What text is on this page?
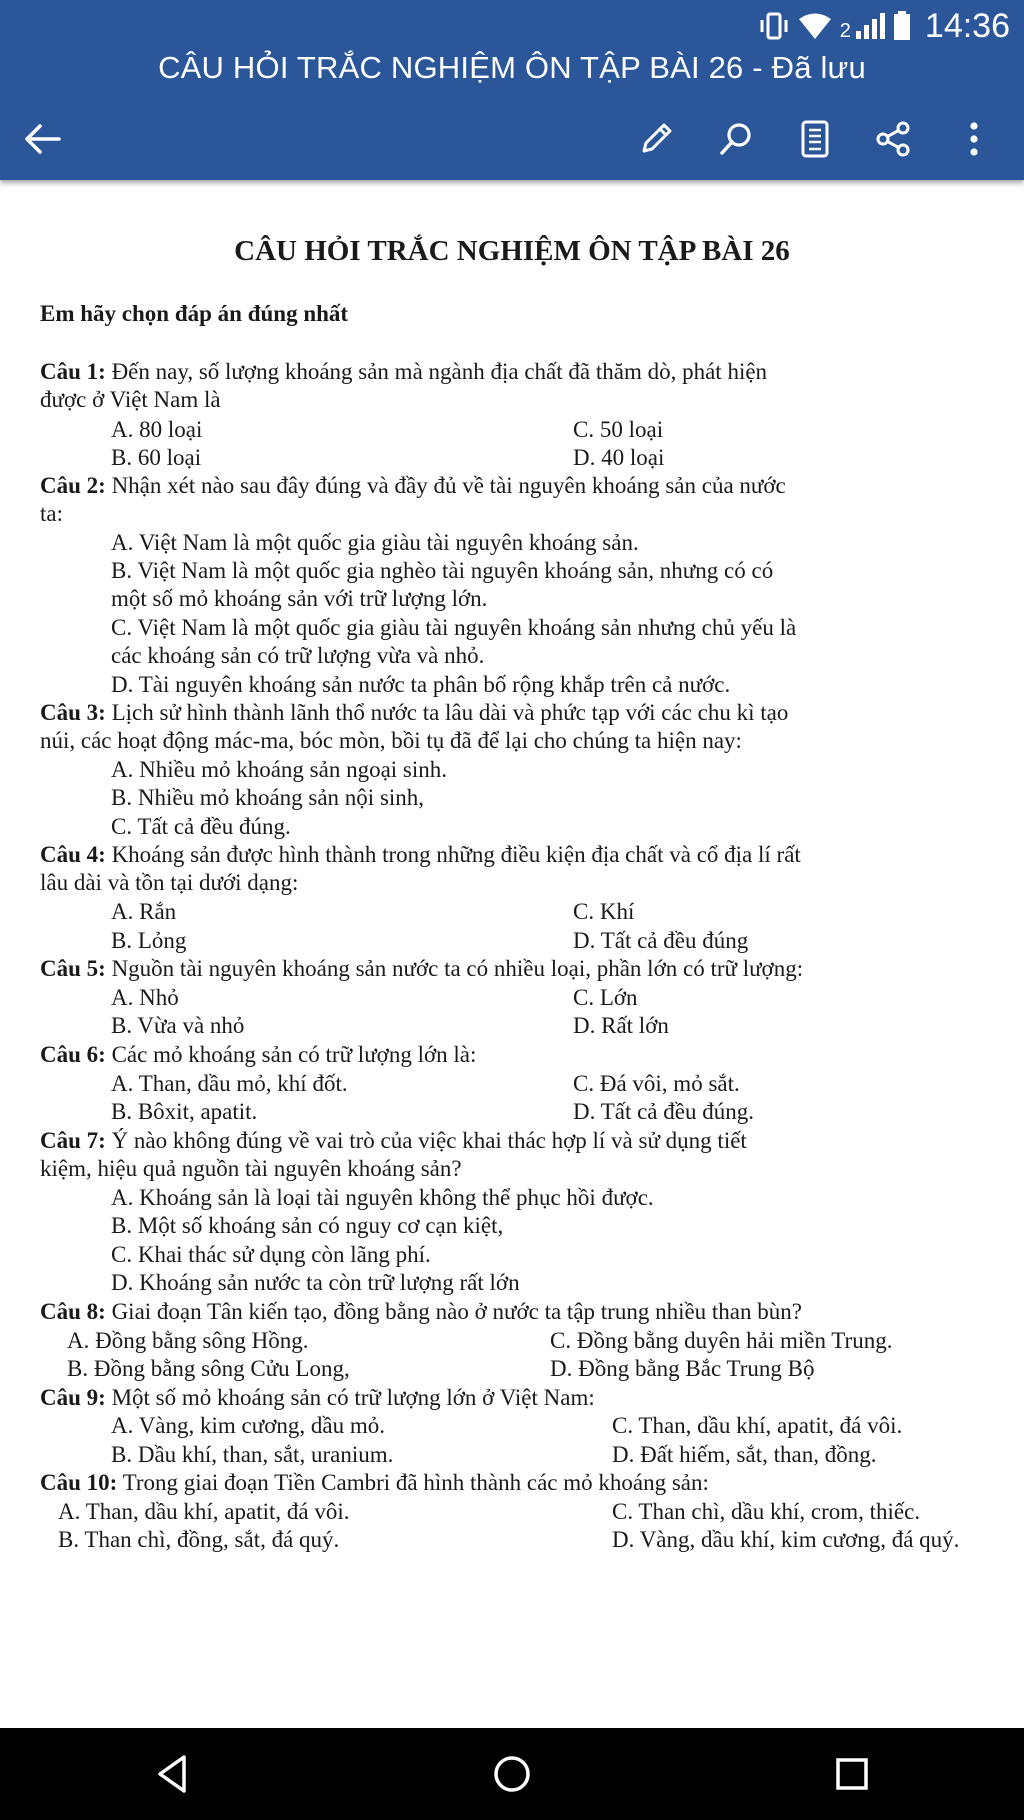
2 14:36
CÂU HỎI TRẮC NGHIỆM ÔN TẬP BÀI 26 - Đã lưu
CÂU HỎI TRẮC NGHIỆM ÔN TẬP BÀI 26
Em hãy chọn đáp án đúng nhất
Câu 1: Đến nay, số lượng khoáng sản mà ngành địa chất đã thăm dò, phát hiện
được ở Việt Nam là
A. 80 loại
B. 60 loại
C. 50 loại
D. 40 loại
Câu 2: Nhận xét nào sau đây đúng và đầy đủ về tài nguyên khoáng sản của nước
ta:
A. Việt Nam là một quốc gia giàu tài nguyên khoáng sản.
B. Việt Nam là một quốc gia nghèo tài nguyên khoáng sản, nhưng có có
một số mỏ khoáng sản với trữ lượng lớn.
C. Việt Nam là một quốc gia giàu tài nguyên khoáng sản nhưng chủ yếu là
các khoáng sản có trữ lượng vừa và nhỏ.
D. Tài nguyên khoáng sản nước ta phân bố rộng khắp trên cả nước.
Câu 3: Lịch sử hình thành lãnh thổ nước ta lâu dài và phức tạp với các chu kì tạo
núi, các hoạt động mác-ma, bóc mòn, bồi tụ đã để lại cho chúng ta hiện nay:
A. Nhiều mỏ khoáng sản ngoại sinh.
B. Nhiều mỏ khoáng sản nội sinh,
C. Tất cả đều đúng.
Câu 4: Khoáng sản được hình thành trong những điều kiện địa chất và cổ địa lí rất
lâu dài và tồn tại dưới dạng:
A. Rắn
B. Lỏng
C. Khí
D. Tất cả đều đúng
Câu 5: Nguồn tài nguyên khoáng sản nước ta có nhiều loại, phần lớn có trữ lượng:
A. Nhỏ
B. Vừa và nhỏ
C. Lớn
D. Rất lớn
Câu 6: Các mỏ khoáng sản có trữ lượng lớn là:
A. Than, dầu mỏ, khí đốt.
B. Bôxit, apatit.
C. Đá vôi, mỏ sắt.
D. Tất cả đều đúng.
Câu 7: Ý nào không đúng về vai trò của việc khai thác hợp lí và sử dụng tiết
kiệm, hiệu quả nguồn tài nguyên khoáng sản?
A. Khoáng sản là loại tài nguyên không thể phục hồi được.
B. Một số khoáng sản có nguy cơ cạn kiệt,
C. Khai thác sử dụng còn lãng phí.
D. Khoáng sản nước ta còn trữ lượng rất lớn
Câu 8: Giai đoạn Tân kiến tạo, đồng bằng nào ở nước ta tập trung nhiều than bùn?
A. Đồng bằng sông Hồng.
B. Đồng bằng sông Cửu Long,
C. Đồng bằng duyên hải miền Trung.
D. Đồng bằng Bắc Trung Bộ
Câu 9: Một số mỏ khoáng sản có trữ lượng lớn ở Việt Nam:
A. Vàng, kim cương, dầu mỏ.
B. Dầu khí, than, sắt, uranium.
C. Than, dầu khí, apatit, đá vôi.
D. Đất hiếm, sắt, than, đồng.
Câu 10: Trong giai đoạn Tiền Cambri đã hình thành các mỏ khoáng sản:
A. Than, dầu khí, apatit, đá vôi.
B. Than chì, đồng, sắt, đá quý.
C. Than chì, dầu khí, crom, thiếc.
D. Vàng, dầu khí, kim cương, đá quý.
